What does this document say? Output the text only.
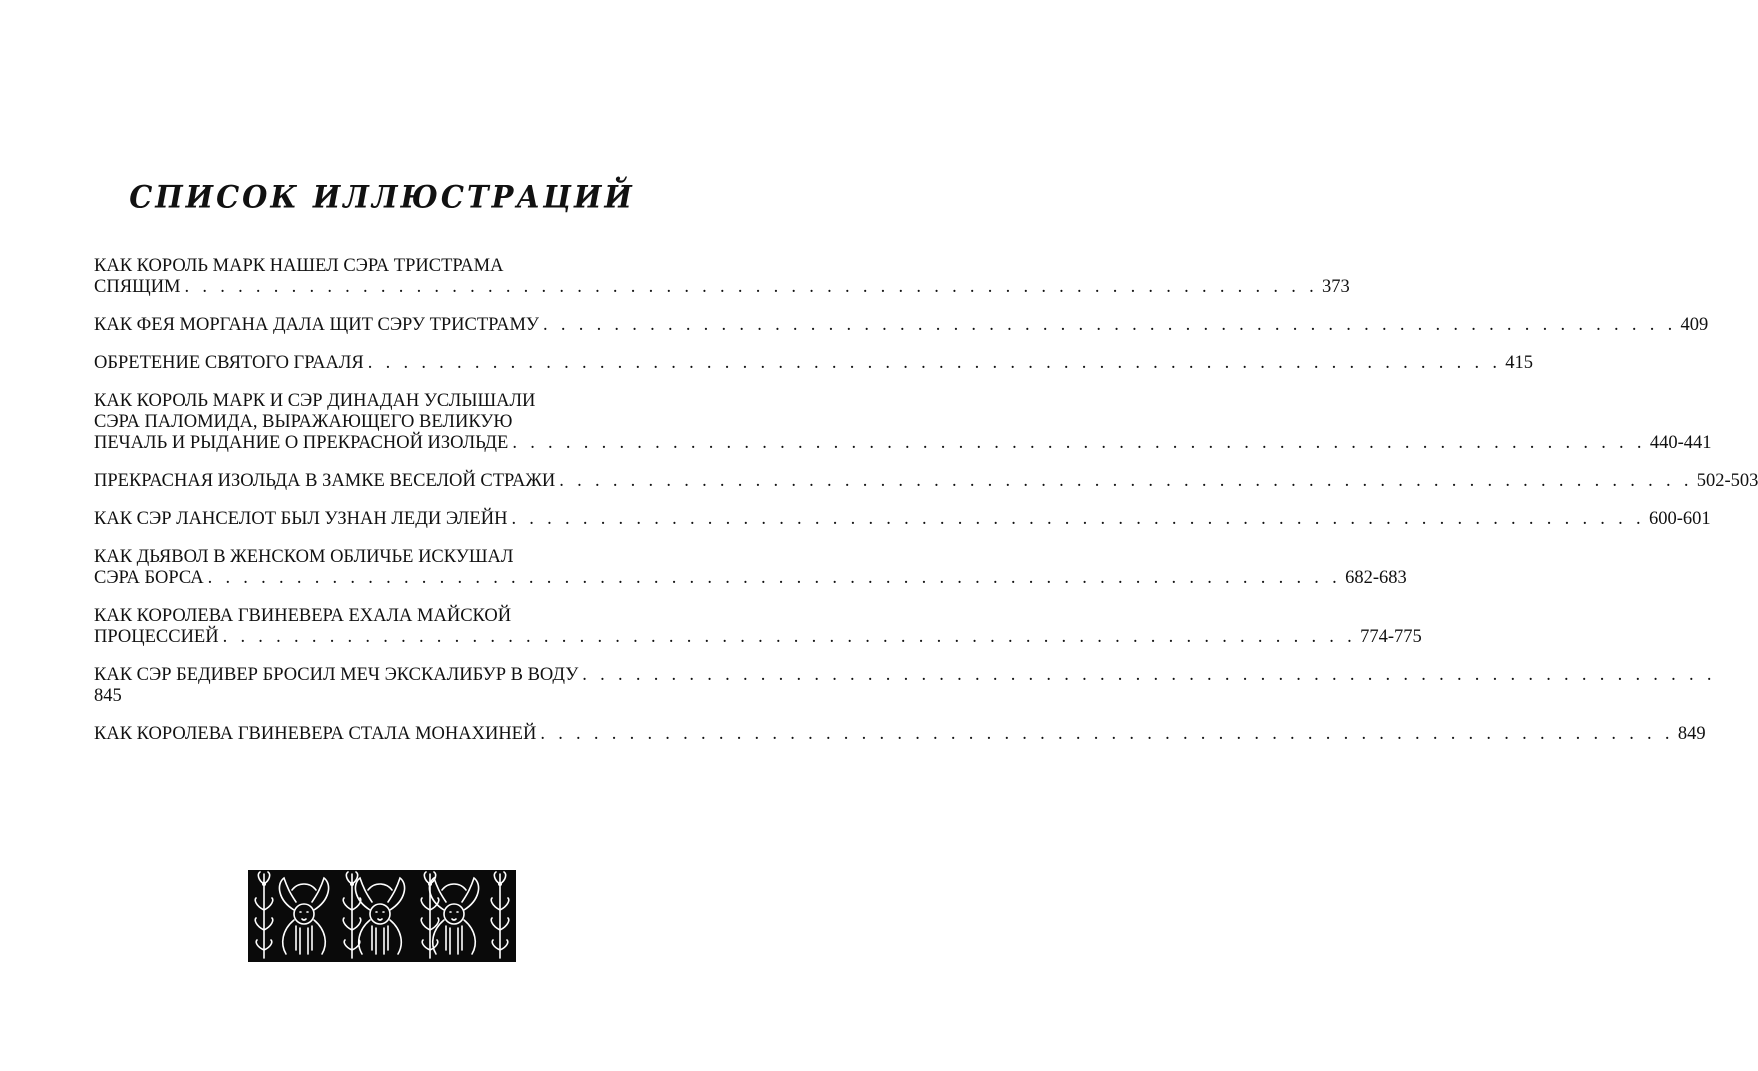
СПИСОК ИЛЛЮСТРАЦИЙ
КАК КОРОЛЬ МАРК НАШЕЛ СЭРА ТРИСТРАМА
СПЯЩИМ . . . . . . . . . . . . . . . . . . . . . . . . . . . . . . . . . . . . . . . . . . . . . . . . . . . . . . . . . . . . . . . . 373
КАК ФЕЯ МОРГАНА ДАЛА ЩИТ СЭРУ ТРИСТРАМУ . . . . . . . . . . . . . . . . . . . . . . . . . . . . . . . . . . . . . . . . . . . . . . . . . . . . . . . . . . . . . . . . 409
ОБРЕТЕНИЕ СВЯТОГО ГРААЛЯ . . . . . . . . . . . . . . . . . . . . . . . . . . . . . . . . . . . . . . . . . . . . . . . . . . . . . . . . . . . . . . . . 415
КАК КОРОЛЬ МАРК И СЭР ДИНАДАН УСЛЫШАЛИ
СЭРА ПАЛОМИДА, ВЫРАЖАЮЩЕГО ВЕЛИКУЮ
ПЕЧАЛЬ И РЫДАНИЕ О ПРЕКРАСНОЙ ИЗОЛЬДЕ . . . . . . . . . . . . . . . . . . . . . . . . . . . . . . . . . . . . . . . . . . . . . . . . . . . . . . . . . . . . . . . . 440-441
ПРЕКРАСНАЯ ИЗОЛЬДА В ЗАМКЕ ВЕСЕЛОЙ СТРАЖИ . . . . . . . . . . . . . . . . . . . . . . . . . . . . . . . . . . . . . . . . . . . . . . . . . . . . . . . . . . . . . . . . 502-503
КАК СЭР ЛАНСЕЛОТ БЫЛ УЗНАН ЛЕДИ ЭЛЕЙН . . . . . . . . . . . . . . . . . . . . . . . . . . . . . . . . . . . . . . . . . . . . . . . . . . . . . . . . . . . . . . . . 600-601
КАК ДЬЯВОЛ В ЖЕНСКОМ ОБЛИЧЬЕ ИСКУШАЛ
СЭРА БОРСА . . . . . . . . . . . . . . . . . . . . . . . . . . . . . . . . . . . . . . . . . . . . . . . . . . . . . . . . . . . . . . . . 682-683
КАК КОРОЛЕВА ГВИНЕВЕРА ЕХАЛА МАЙСКОЙ
ПРОЦЕССИЕЙ . . . . . . . . . . . . . . . . . . . . . . . . . . . . . . . . . . . . . . . . . . . . . . . . . . . . . . . . . . . . . . . . 774-775
КАК СЭР БЕДИВЕР БРОСИЛ МЕЧ ЭКСКАЛИБУР В ВОДУ . . . . . . . . . . . . . . . . . . . . . . . . . . . . . . . . . . . . . . . . . . . . . . . . . . . . . . . . . . . . . . . .
845
КАК КОРОЛЕВА ГВИНЕВЕРА СТАЛА МОНАХИНЕЙ . . . . . . . . . . . . . . . . . . . . . . . . . . . . . . . . . . . . . . . . . . . . . . . . . . . . . . . . . . . . . . . . 849
